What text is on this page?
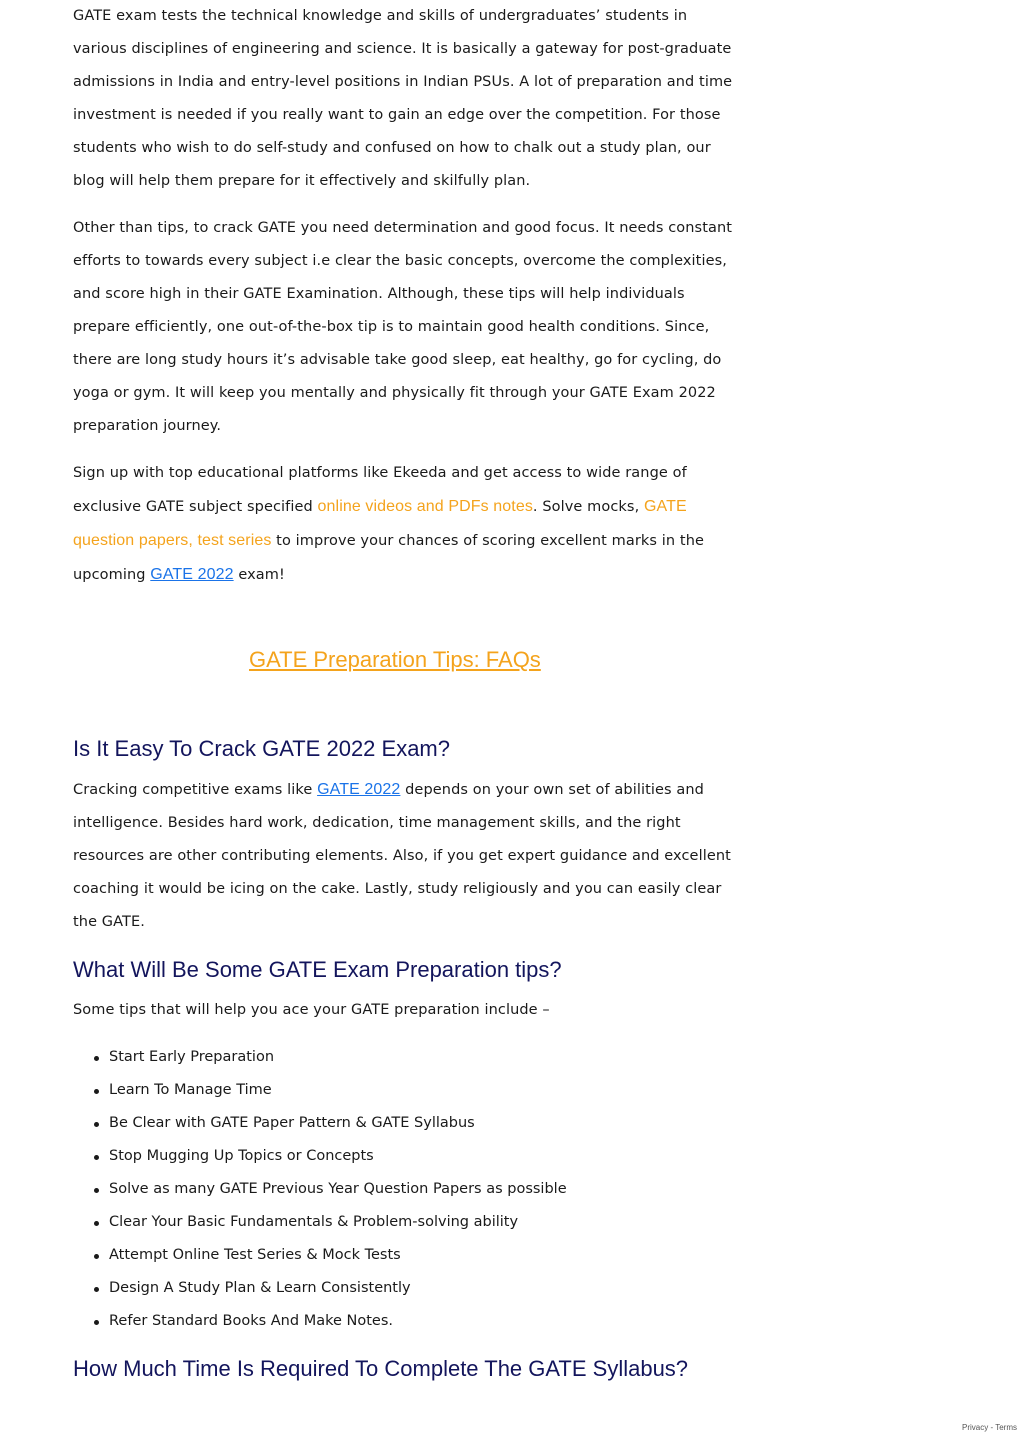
GATE exam tests the technical knowledge and skills of undergraduates’ students in various disciplines of engineering and science. It is basically a gateway for post-graduate admissions in India and entry-level positions in Indian PSUs. A lot of preparation and time investment is needed if you really want to gain an edge over the competition. For those students who wish to do self-study and confused on how to chalk out a study plan, our blog will help them prepare for it effectively and skilfully plan.

Other than tips, to crack GATE you need determination and good focus. It needs constant efforts to towards every subject i.e clear the basic concepts, overcome the complexities, and score high in their GATE Examination. Although, these tips will help individuals prepare efficiently, one out-of-the-box tip is to maintain good health conditions. Since, there are long study hours it’s advisable take good sleep, eat healthy, go for cycling, do yoga or gym. It will keep you mentally and physically fit through your GATE Exam 2022 preparation journey.

Sign up with top educational platforms like Ekeeda and get access to wide range of exclusive GATE subject specified online videos and PDFs notes. Solve mocks, GATE question papers, test series to improve your chances of scoring excellent marks in the upcoming GATE 2022 exam!

GATE Preparation Tips: FAQs
Is It Easy To Crack GATE 2022 Exam?

Cracking competitive exams like GATE 2022 depends on your own set of abilities and intelligence. Besides hard work, dedication, time management skills, and the right resources are other contributing elements. Also, if you get expert guidance and excellent coaching it would be icing on the cake. Lastly, study religiously and you can easily clear the GATE.

What Will Be Some GATE Exam Preparation tips?

Some tips that will help you ace your GATE preparation include –

Start Early Preparation
Learn To Manage Time
Be Clear with GATE Paper Pattern & GATE Syllabus
Stop Mugging Up Topics or Concepts
Solve as many GATE Previous Year Question Papers as possible
Clear Your Basic Fundamentals & Problem-solving ability
Attempt Online Test Series & Mock Tests
Design A Study Plan & Learn Consistently
Refer Standard Books And Make Notes.
How Much Time Is Required To Complete The GATE Syllabus?
Privacy - Terms
